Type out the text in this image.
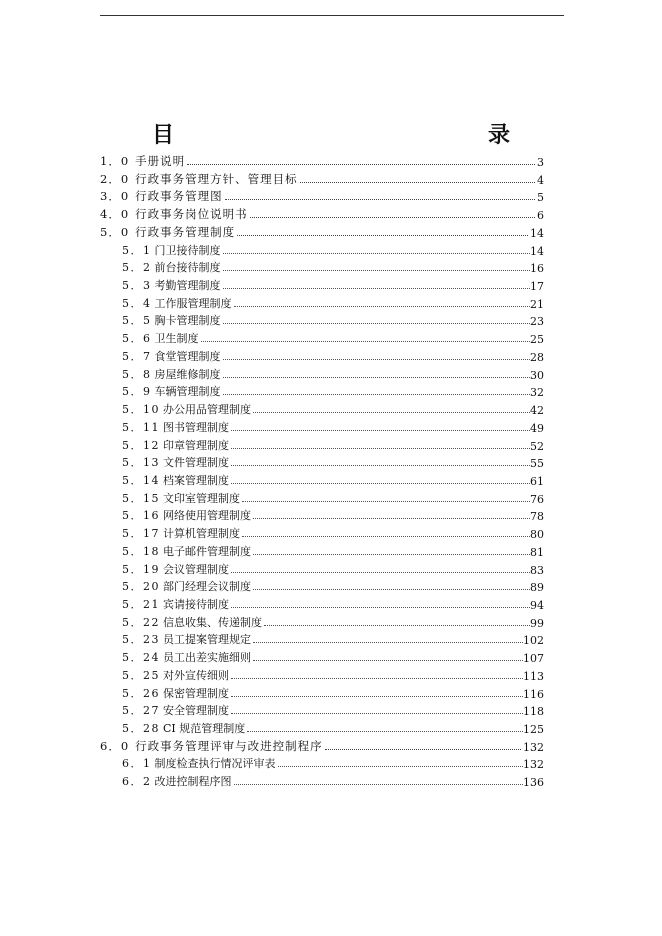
目　　　录
1．0 手册说明	3
2．0 行政事务管理方针、管理目标	4
3．0 行政事务管理图	5
4．0 行政事务岗位说明书	6
5．0 行政事务管理制度	14
5．1 门卫接待制度	14
5．2 前台接待制度	16
5．3 考勤管理制度	17
5．4 工作服管理制度	21
5．5 胸卡管理制度	23
5．6 卫生制度	25
5．7 食堂管理制度	28
5．8 房屋维修制度	30
5．9 车辆管理制度	32
5．10 办公用品管理制度	42
5．11 图书管理制度	49
5．12 印章管理制度	52
5．13 文件管理制度	55
5．14 档案管理制度	61
5．15 文印室管理制度	76
5．16 网络使用管理制度	78
5．17 计算机管理制度	80
5．18 电子邮件管理制度	81
5．19 会议管理制度	83
5．20 部门经理会议制度	89
5．21 宾请接待制度	94
5．22 信息收集、传递制度	99
5．23 员工提案管理规定	102
5．24 员工出差实施细则	107
5．25 对外宣传细则	113
5．26 保密管理制度	116
5．27 安全管理制度	118
5．28 CI 规范管理制度	125
6．0 行政事务管理评审与改进控制程序	132
6．1 制度检查执行情况评审表	132
6．2 改进控制程序图	136
